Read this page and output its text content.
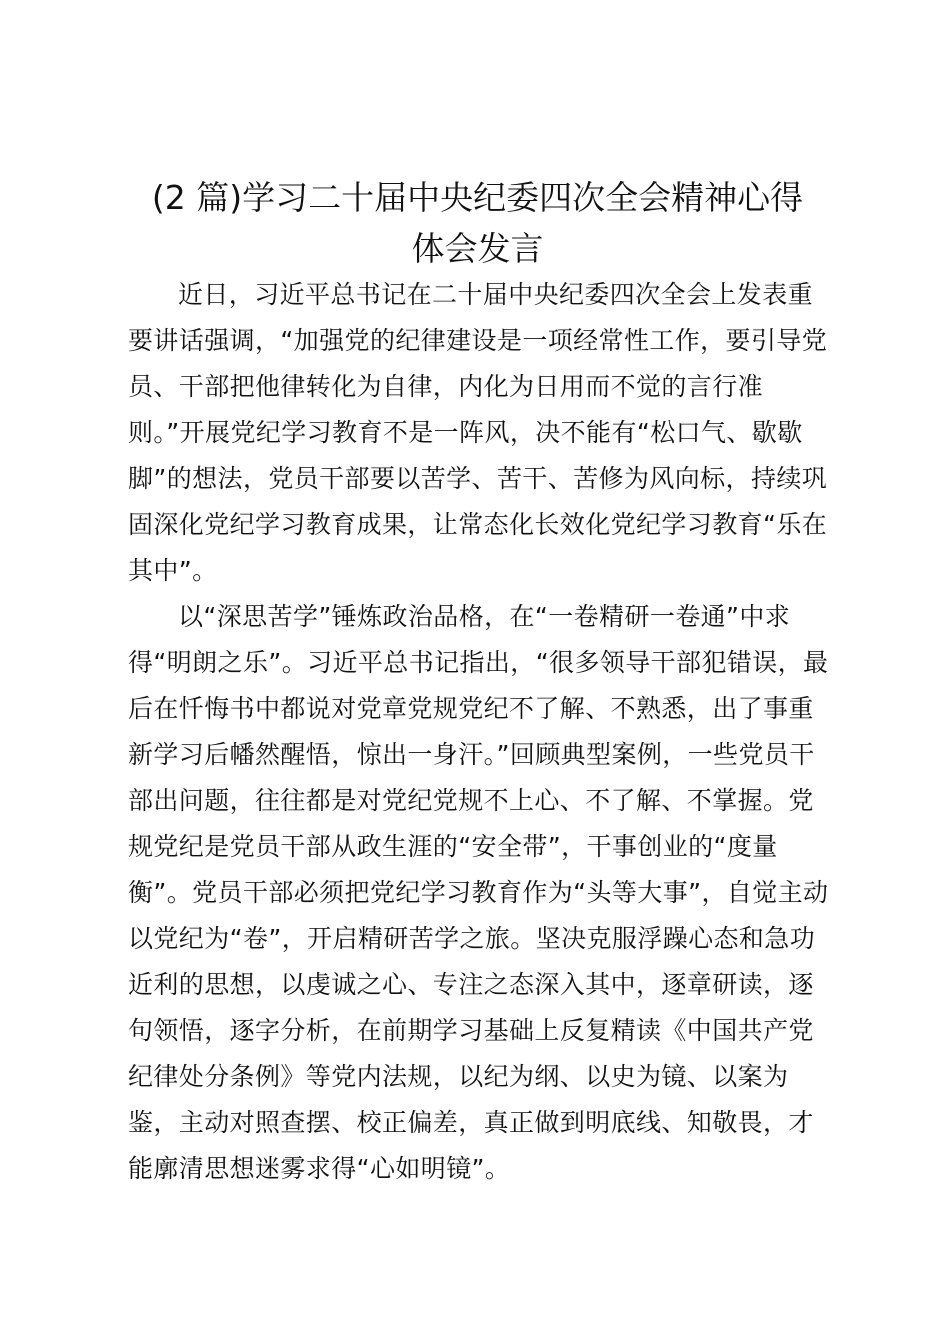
(2 篇)学习二十届中央纪委四次全会精神心得
体会发言
近日，习近平总书记在二十届中央纪委四次全会上发表重
要讲话强调，“加强党的纪律建设是一项经常性工作，要引导党
员、干部把他律转化为自律，内化为日用而不觉的言行准
则。”开展党纪学习教育不是一阵风，决不能有“松口气、歇歇
脚”的想法，党员干部要以苦学、苦干、苦修为风向标，持续巩
固深化党纪学习教育成果，让常态化长效化党纪学习教育“乐在
其中”。
以“深思苦学”锤炼政治品格，在“一卷精研一卷通”中求
得“明朗之乐”。习近平总书记指出，“很多领导干部犯错误，最
后在忏悔书中都说对党章党规党纪不了解、不熟悉，出了事重
新学习后幡然醒悟，惊出一身汗。”回顾典型案例，一些党员干
部出问题，往往都是对党纪党规不上心、不了解、不掌握。党
规党纪是党员干部从政生涯的“安全带”，干事创业的“度量
衡”。党员干部必须把党纪学习教育作为“头等大事”，自觉主动
以党纪为“卷”，开启精研苦学之旅。坚决克服浮躁心态和急功
近利的思想，以虔诚之心、专注之态深入其中，逐章研读，逐
句领悟，逐字分析，在前期学习基础上反复精读《中国共产党
纪律处分条例》等党内法规，以纪为纲、以史为镜、以案为
鉴，主动对照查摆、校正偏差，真正做到明底线、知敬畏，才
能廓清思想迷雾求得“心如明镜”。
